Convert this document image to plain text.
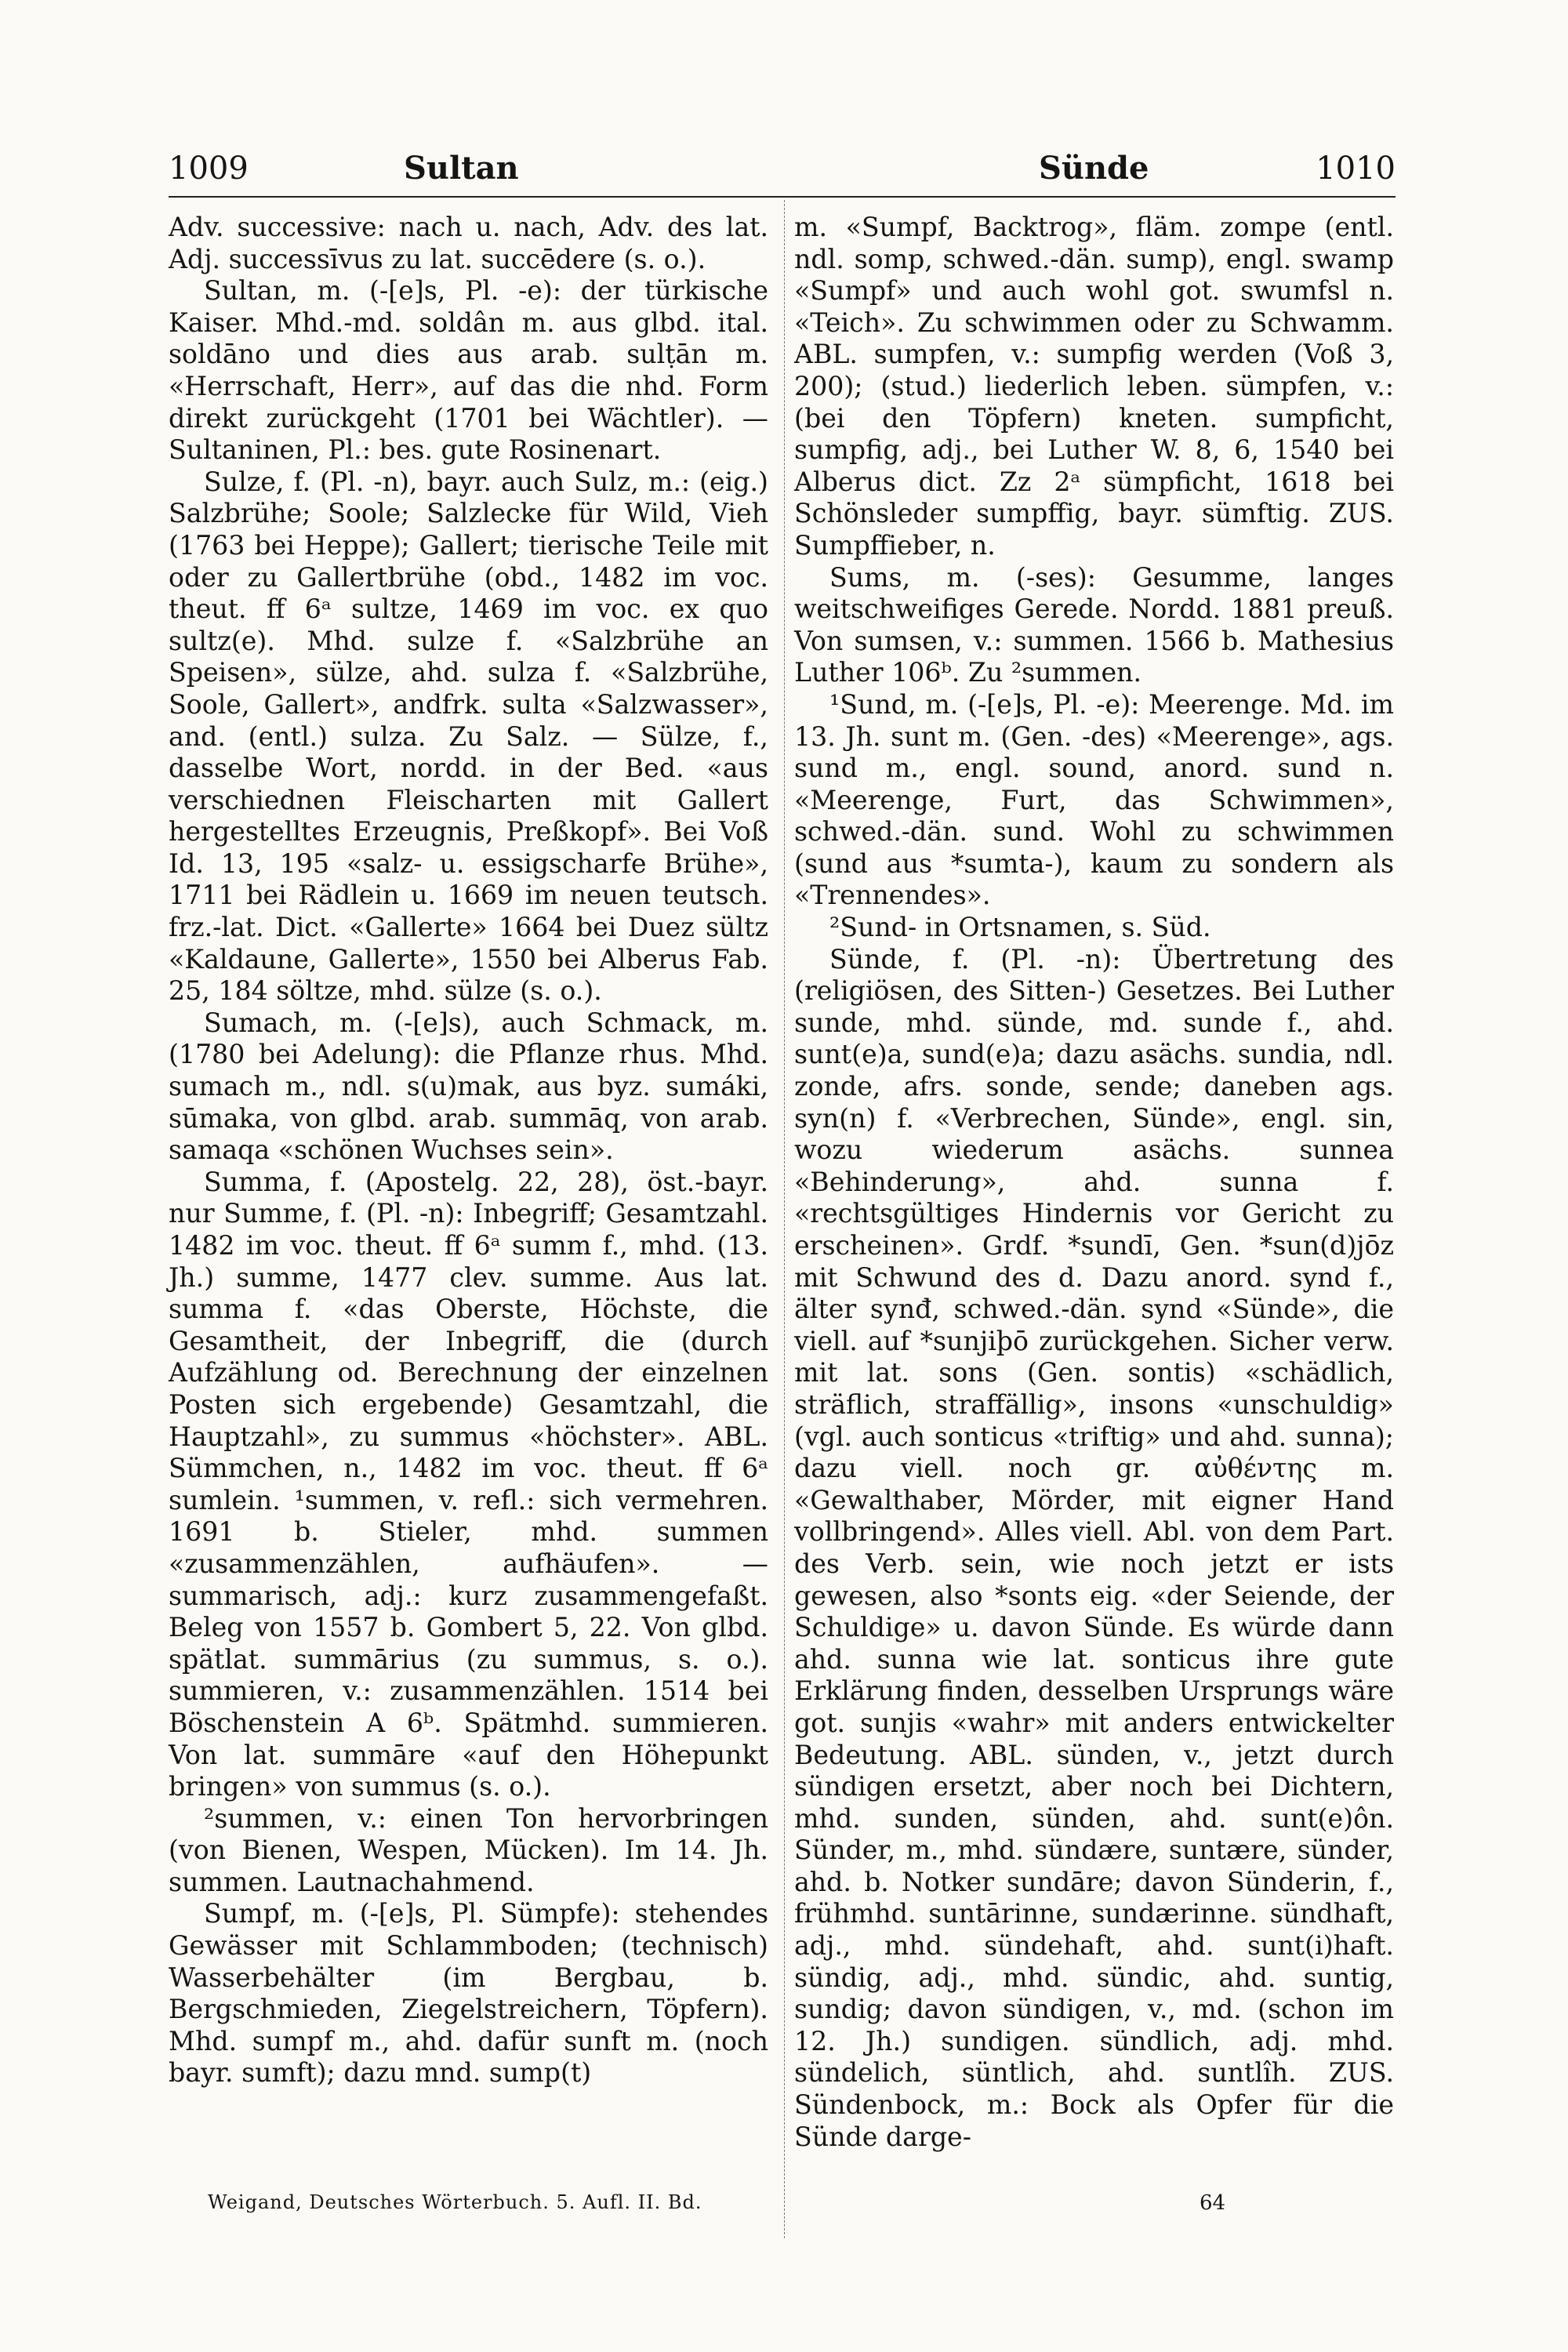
1009	Sultan	Sünde	1010

Adv. successive: nach u. nach, Adv. des lat. Adj. successīvus zu lat. succēdere (s. o.).

Sultan, m. (-[e]s, Pl. -e): der türkische Kaiser. Mhd.-md. soldân m. aus glbd. ital. soldāno und dies aus arab. sulṭān m. «Herrschaft, Herr», auf das die nhd. Form direkt zurückgeht (1701 bei Wächtler). — Sultaninen, Pl.: bes. gute Rosinenart.

Sulze, f. (Pl. -n), bayr. auch Sulz, m.: (eig.) Salzbrühe; Soole; Salzlecke für Wild, Vieh (1763 bei Heppe); Gallert; tierische Teile mit oder zu Gallertbrühe (obd., 1482 im voc. theut. ff 6ᵃ sultze, 1469 im voc. ex quo sultz(e). Mhd. sulze f. «Salzbrühe an Speisen», sülze, ahd. sulza f. «Salzbrühe, Soole, Gallert», andfrk. sulta «Salzwasser», and. (entl.) sulza. Zu Salz. — Sülze, f., dasselbe Wort, nordd. in der Bed. «aus verschiednen Fleischarten mit Gallert hergestelltes Erzeugnis, Preßkopf». Bei Voß Id. 13, 195 «salz- u. essigscharfe Brühe», 1711 bei Rädlein u. 1669 im neuen teutsch. frz.-lat. Dict. «Gallerte» 1664 bei Duez sültz «Kaldaune, Gallerte», 1550 bei Alberus Fab. 25, 184 söltze, mhd. sülze (s. o.).

Sumach, m. (-[e]s), auch Schmack, m. (1780 bei Adelung): die Pflanze rhus. Mhd. sumach m., ndl. s(u)mak, aus byz. sumáki, sūmaka, von glbd. arab. summāq, von arab. samaqa «schönen Wuchses sein».

Summa, f. (Apostelg. 22, 28), öst.-bayr. nur Summe, f. (Pl. -n): Inbegriff; Gesamtzahl. 1482 im voc. theut. ff 6ᵃ summ f., mhd. (13. Jh.) summe, 1477 clev. summe. Aus lat. summa f. «das Oberste, Höchste, die Gesamtheit, der Inbegriff, die (durch Aufzählung od. Berechnung der einzelnen Posten sich ergebende) Gesamtzahl, die Hauptzahl», zu summus «höchster». ABL. Sümmchen, n., 1482 im voc. theut. ff 6ᵃ sumlein. ¹summen, v. refl.: sich vermehren. 1691 b. Stieler, mhd. summen «zusammenzählen, aufhäufen». — summarisch, adj.: kurz zusammengefaßt. Beleg von 1557 b. Gombert 5, 22. Von glbd. spätlat. summārius (zu summus, s. o.). summieren, v.: zusammenzählen. 1514 bei Böschenstein A 6ᵇ. Spätmhd. summieren. Von lat. summāre «auf den Höhepunkt bringen» von summus (s. o.).

²summen, v.: einen Ton hervorbringen (von Bienen, Wespen, Mücken). Im 14. Jh. summen. Lautnachahmend.

Sumpf, m. (-[e]s, Pl. Sümpfe): stehendes Gewässer mit Schlammboden; (technisch) Wasserbehälter (im Bergbau, b. Bergschmieden, Ziegelstreichern, Töpfern). Mhd. sumpf m., ahd. dafür sunft m. (noch bayr. sumft); dazu mnd. sump(t)

m. «Sumpf, Backtrog», fläm. zompe (entl. ndl. somp, schwed.-dän. sump), engl. swamp «Sumpf» und auch wohl got. swumfsl n. «Teich». Zu schwimmen oder zu Schwamm. ABL. sumpfen, v.: sumpfig werden (Voß 3, 200); (stud.) liederlich leben. sümpfen, v.: (bei den Töpfern) kneten. sumpficht, sumpfig, adj., bei Luther W. 8, 6, 1540 bei Alberus dict. Zz 2ᵃ sümpficht, 1618 bei Schönsleder sumpffig, bayr. sümftig. ZUS. Sumpffieber, n.

Sums, m. (-ses): Gesumme, langes weitschweifiges Gerede. Nordd. 1881 preuß. Von sumsen, v.: summen. 1566 b. Mathesius Luther 106ᵇ. Zu ²summen.

¹Sund, m. (-[e]s, Pl. -e): Meerenge. Md. im 13. Jh. sunt m. (Gen. -des) «Meerenge», ags. sund m., engl. sound, anord. sund n. «Meerenge, Furt, das Schwimmen», schwed.-dän. sund. Wohl zu schwimmen (sund aus *sumta-), kaum zu sondern als «Trennendes».

²Sund- in Ortsnamen, s. Süd.

Sünde, f. (Pl. -n): Übertretung des (religiösen, des Sitten-) Gesetzes. Bei Luther sunde, mhd. sünde, md. sunde f., ahd. sunt(e)a, sund(e)a; dazu asächs. sundia, ndl. zonde, afrs. sonde, sende; daneben ags. syn(n) f. «Verbrechen, Sünde», engl. sin, wozu wiederum asächs. sunnea «Behinderung», ahd. sunna f. «rechtsgültiges Hindernis vor Gericht zu erscheinen». Grdf. *sundī, Gen. *sun(d)jōz mit Schwund des d. Dazu anord. synd f., älter synđ, schwed.-dän. synd «Sünde», die viell. auf *sunjiþō zurückgehen. Sicher verw. mit lat. sons (Gen. sontis) «schädlich, sträflich, straffällig», insons «unschuldig» (vgl. auch sonticus «triftig» und ahd. sunna); dazu viell. noch gr. αὐθέντης m. «Gewalthaber, Mörder, mit eigner Hand vollbringend». Alles viell. Abl. von dem Part. des Verb. sein, wie noch jetzt er ists gewesen, also *sonts eig. «der Seiende, der Schuldige» u. davon Sünde. Es würde dann ahd. sunna wie lat. sonticus ihre gute Erklärung finden, desselben Ursprungs wäre got. sunjis «wahr» mit anders entwickelter Bedeutung. ABL. sünden, v., jetzt durch sündigen ersetzt, aber noch bei Dichtern, mhd. sunden, sünden, ahd. sunt(e)ôn. Sünder, m., mhd. sündære, suntære, sünder, ahd. b. Notker sundāre; davon Sünderin, f., frühmhd. suntārinne, sundærinne. sündhaft, adj., mhd. sündehaft, ahd. sunt(i)haft. sündig, adj., mhd. sündic, ahd. suntig, sundig; davon sündigen, v., md. (schon im 12. Jh.) sundigen. sündlich, adj. mhd. sündelich, süntlich, ahd. suntlîh. ZUS. Sündenbock, m.: Bock als Opfer für die Sünde darge-

Weigand, Deutsches Wörterbuch. 5. Aufl. II. Bd.	64
